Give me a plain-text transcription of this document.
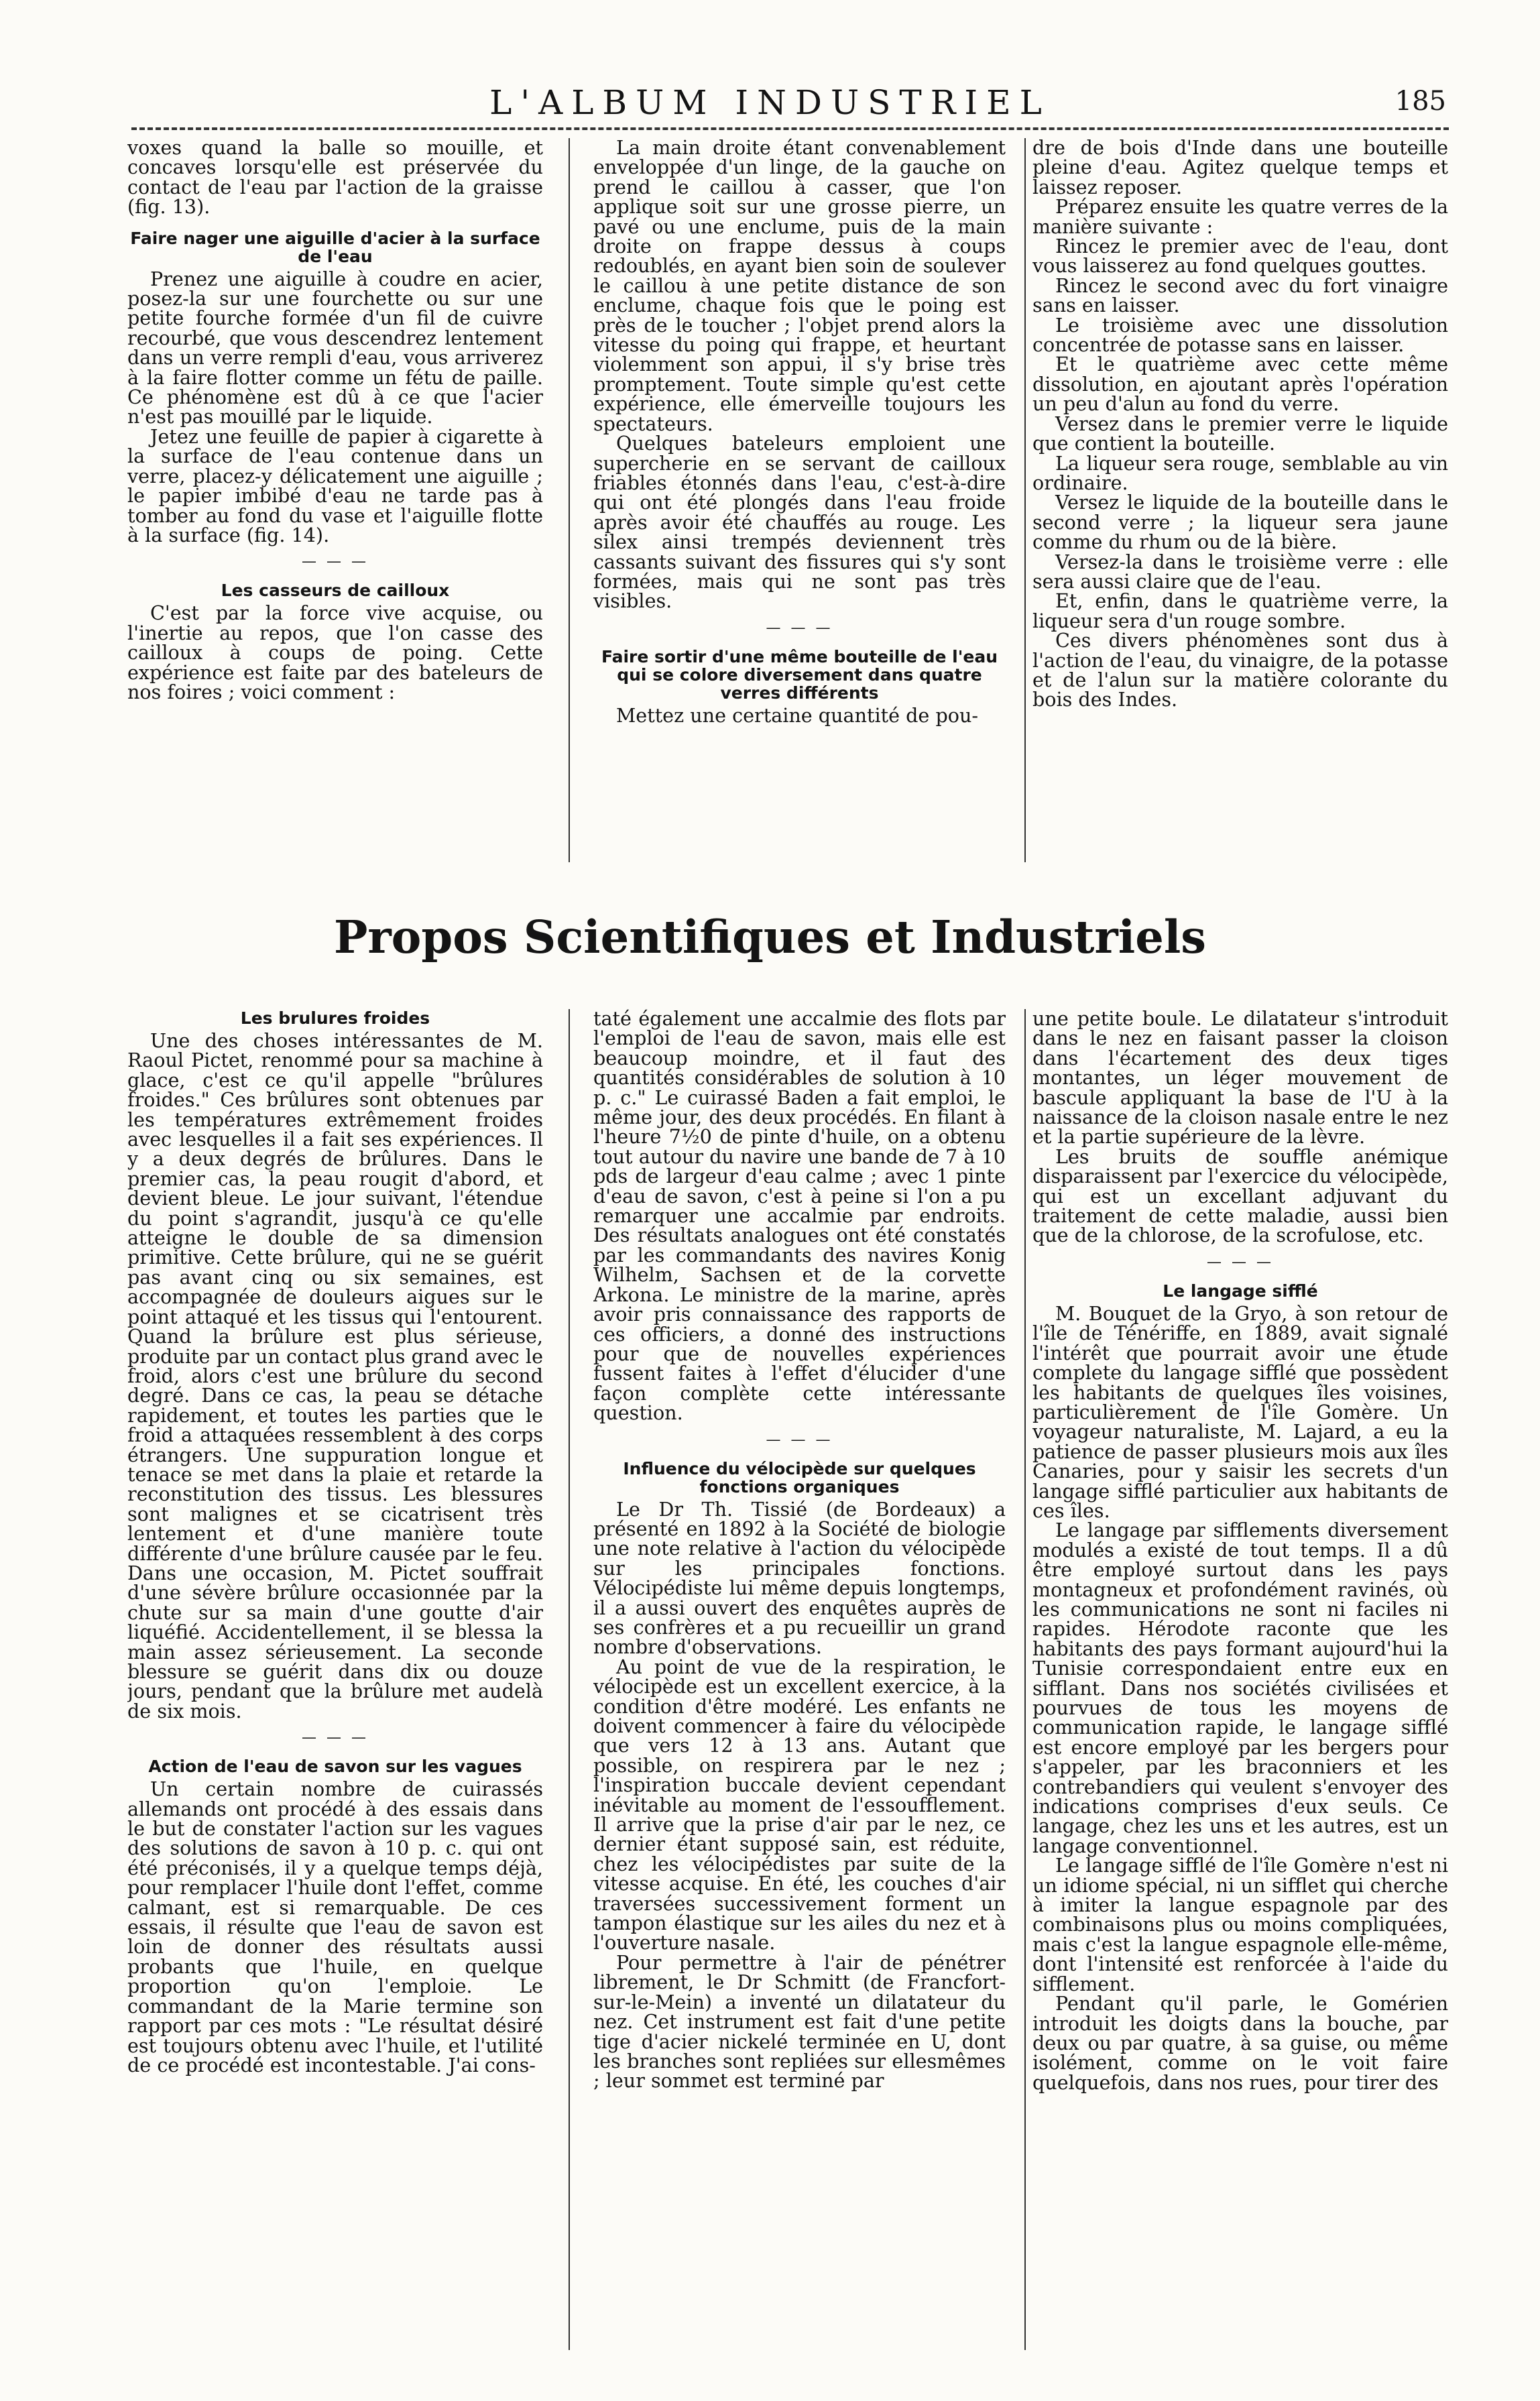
L'ALBUM INDUSTRIEL	185

voxes quand la balle so mouille, et concaves lorsqu'elle est préservée du contact de l'eau par l'action de la graisse (fig. 13).

Faire nager une aiguille d'acier à la surface de l'eau

Prenez une aiguille à coudre en acier, posez-la sur une fourchette ou sur une petite fourche formée d'un fil de cuivre recourbé, que vous descendrez lentement dans un verre rempli d'eau, vous arriverez à la faire flotter comme un fétu de paille. Ce phénomène est dû à ce que l'acier n'est pas mouillé par le liquide.

Jetez une feuille de papier à cigarette à la surface de l'eau contenue dans un verre, placez-y délicatement une aiguille ; le papier imbibé d'eau ne tarde pas à tomber au fond du vase et l'aiguille flotte à la surface (fig. 14).

— — —
Les casseurs de cailloux

C'est par la force vive acquise, ou l'inertie au repos, que l'on casse des cailloux à coups de poing. Cette expérience est faite par des bateleurs de nos foires ; voici comment :

La main droite étant convenablement enveloppée d'un linge, de la gauche on prend le caillou à casser, que l'on applique soit sur une grosse pierre, un pavé ou une enclume, puis de la main droite on frappe dessus à coups redoublés, en ayant bien soin de soulever le caillou à une petite distance de son enclume, chaque fois que le poing est près de le toucher ; l'objet prend alors la vitesse du poing qui frappe, et heurtant violemment son appui, il s'y brise très promptement. Toute simple qu'est cette expérience, elle émerveille toujours les spectateurs.

Quelques bateleurs emploient une supercherie en se servant de cailloux friables étonnés dans l'eau, c'est-à-dire qui ont été plongés dans l'eau froide après avoir été chauffés au rouge. Les silex ainsi trempés deviennent très cassants suivant des fissures qui s'y sont formées, mais qui ne sont pas très visibles.

— — —
Faire sortir d'une même bouteille de l'eau qui se colore diversement dans quatre verres différents

Mettez une certaine quantité de pou-

dre de bois d'Inde dans une bouteille pleine d'eau. Agitez quelque temps et laissez reposer.

Préparez ensuite les quatre verres de la manière suivante :

Rincez le premier avec de l'eau, dont vous laisserez au fond quelques gouttes.

Rincez le second avec du fort vinaigre sans en laisser.

Le troisième avec une dissolution concentrée de potasse sans en laisser.

Et le quatrième avec cette même dissolution, en ajoutant après l'opération un peu d'alun au fond du verre.

Versez dans le premier verre le liquide que contient la bouteille.

La liqueur sera rouge, semblable au vin ordinaire.

Versez le liquide de la bouteille dans le second verre ; la liqueur sera jaune comme du rhum ou de la bière.

Versez-la dans le troisième verre : elle sera aussi claire que de l'eau.

Et, enfin, dans le quatrième verre, la liqueur sera d'un rouge sombre.

Ces divers phénomènes sont dus à l'action de l'eau, du vinaigre, de la potasse et de l'alun sur la matière colorante du bois des Indes.

Propos Scientifiques et Industriels
Les brulures froides

Une des choses intéressantes de M. Raoul Pictet, renommé pour sa machine à glace, c'est ce qu'il appelle "brûlures froides." Ces brûlures sont obtenues par les températures extrêmement froides avec lesquelles il a fait ses expériences. Il y a deux degrés de brûlures. Dans le premier cas, la peau rougit d'abord, et devient bleue. Le jour suivant, l'étendue du point s'agrandit, jusqu'à ce qu'elle atteigne le double de sa dimension primitive. Cette brûlure, qui ne se guérit pas avant cinq ou six semaines, est accompagnée de douleurs aigues sur le point attaqué et les tissus qui l'entourent. Quand la brûlure est plus sérieuse, produite par un contact plus grand avec le froid, alors c'est une brûlure du second degré. Dans ce cas, la peau se détache rapidement, et toutes les parties que le froid a attaquées ressemblent à des corps étrangers. Une suppuration longue et tenace se met dans la plaie et retarde la reconstitution des tissus. Les blessures sont malignes et se cicatrisent très lentement et d'une manière toute différente d'une brûlure causée par le feu. Dans une occasion, M. Pictet souffrait d'une sévère brûlure occasionnée par la chute sur sa main d'une goutte d'air liquéfié. Accidentellement, il se blessa la main assez sérieusement. La seconde blessure se guérit dans dix ou douze jours, pendant que la brûlure met audelà de six mois.

— — —
Action de l'eau de savon sur les vagues

Un certain nombre de cuirassés allemands ont procédé à des essais dans le but de constater l'action sur les vagues des solutions de savon à 10 p. c. qui ont été préconisés, il y a quelque temps déjà, pour remplacer l'huile dont l'effet, comme calmant, est si remarquable. De ces essais, il résulte que l'eau de savon est loin de donner des résultats aussi probants que l'huile, en quelque proportion qu'on l'emploie. Le commandant de la Marie termine son rapport par ces mots : "Le résultat désiré est toujours obtenu avec l'huile, et l'utilité de ce procédé est incontestable. J'ai cons-

taté également une accalmie des flots par l'emploi de l'eau de savon, mais elle est beaucoup moindre, et il faut des quantités considérables de solution à 10 p. c." Le cuirassé Baden a fait emploi, le même jour, des deux procédés. En filant à l'heure 7½0 de pinte d'huile, on a obtenu tout autour du navire une bande de 7 à 10 pds de largeur d'eau calme ; avec 1 pinte d'eau de savon, c'est à peine si l'on a pu remarquer une accalmie par endroits. Des résultats analogues ont été constatés par les commandants des navires Konig Wilhelm, Sachsen et de la corvette Arkona. Le ministre de la marine, après avoir pris connaissance des rapports de ces officiers, a donné des instructions pour que de nouvelles expériences fussent faites à l'effet d'élucider d'une façon complète cette intéressante question.

— — —
Influence du vélocipède sur quelques fonctions organiques

Le Dr Th. Tissié (de Bordeaux) a présenté en 1892 à la Société de biologie une note relative à l'action du vélocipède sur les principales fonctions. Vélocipédiste lui même depuis longtemps, il a aussi ouvert des enquêtes auprès de ses confrères et a pu recueillir un grand nombre d'observations.

Au point de vue de la respiration, le vélocipède est un excellent exercice, à la condition d'être modéré. Les enfants ne doivent commencer à faire du vélocipède que vers 12 à 13 ans. Autant que possible, on respirera par le nez ; l'inspiration buccale devient cependant inévitable au moment de l'essoufflement. Il arrive que la prise d'air par le nez, ce dernier étant supposé sain, est réduite, chez les vélocipédistes par suite de la vitesse acquise. En été, les couches d'air traversées successivement forment un tampon élastique sur les ailes du nez et à l'ouverture nasale.

Pour permettre à l'air de pénétrer librement, le Dr Schmitt (de Francfort-sur-le-Mein) a inventé un dilatateur du nez. Cet instrument est fait d'une petite tige d'acier nickelé terminée en U, dont les branches sont repliées sur ellesmêmes ; leur sommet est terminé par

une petite boule. Le dilatateur s'introduit dans le nez en faisant passer la cloison dans l'écartement des deux tiges montantes, un léger mouvement de bascule appliquant la base de l'U à la naissance de la cloison nasale entre le nez et la partie supérieure de la lèvre.

Les bruits de souffle anémique disparaissent par l'exercice du vélocipède, qui est un excellant adjuvant du traitement de cette maladie, aussi bien que de la chlorose, de la scrofulose, etc.

— — —
Le langage sifflé

M. Bouquet de la Gryo, à son retour de l'île de Ténériffe, en 1889, avait signalé l'intérêt que pourrait avoir une étude complete du langage sifflé que possèdent les habitants de quelques îles voisines, particulièrement de l'île Gomère. Un voyageur naturaliste, M. Lajard, a eu la patience de passer plusieurs mois aux îles Canaries, pour y saisir les secrets d'un langage sifflé particulier aux habitants de ces îles.

Le langage par sifflements diversement modulés a existé de tout temps. Il a dû être employé surtout dans les pays montagneux et profondément ravinés, où les communications ne sont ni faciles ni rapides. Hérodote raconte que les habitants des pays formant aujourd'hui la Tunisie correspondaient entre eux en sifflant. Dans nos sociétés civilisées et pourvues de tous les moyens de communication rapide, le langage sifflé est encore employé par les bergers pour s'appeler, par les braconniers et les contrebandiers qui veulent s'envoyer des indications comprises d'eux seuls. Ce langage, chez les uns et les autres, est un langage conventionnel.

Le langage sifflé de l'île Gomère n'est ni un idiome spécial, ni un sifflet qui cherche à imiter la langue espagnole par des combinaisons plus ou moins compliquées, mais c'est la langue espagnole elle-même, dont l'intensité est renforcée à l'aide du sifflement.

Pendant qu'il parle, le Gomérien introduit les doigts dans la bouche, par deux ou par quatre, à sa guise, ou même isolément, comme on le voit faire quelquefois, dans nos rues, pour tirer des
